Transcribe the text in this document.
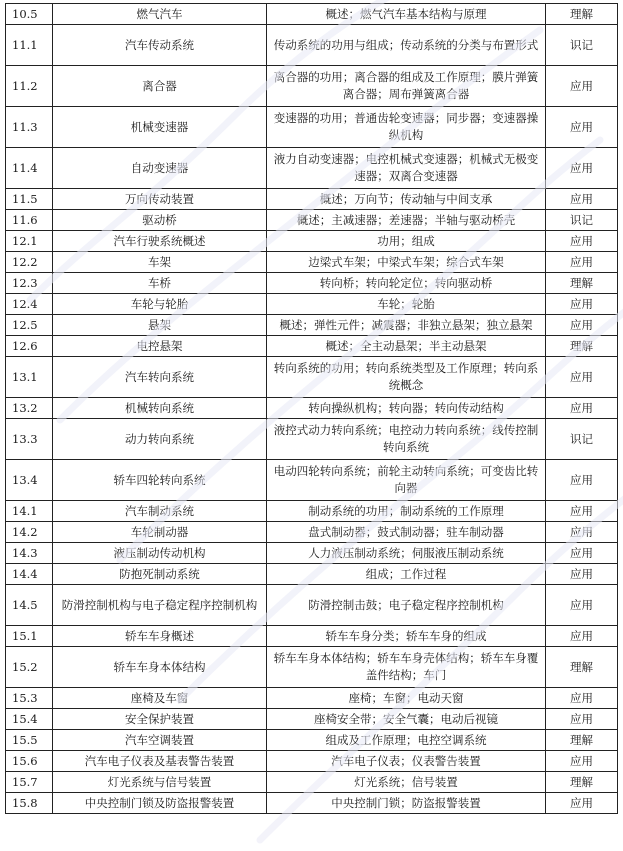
10.5	燃气汽车	概述；燃气汽车基本结构与原理	理解
11.1	汽车传动系统	传动系统的功用与组成；传动系统的分类与布置形式	识记
11.2	离合器	离合器的功用；离合器的组成及工作原理；膜片弹簧离合器；周布弹簧离合器	应用
11.3	机械变速器	变速器的功用；普通齿轮变速器；同步器；变速器操纵机构	应用
11.4	自动变速器	液力自动变速器；电控机械式变速器；机械式无极变速器；双离合变速器	应用
11.5	万向传动装置	概述；万向节；传动轴与中间支承	应用
11.6	驱动桥	概述；主减速器；差速器；半轴与驱动桥壳	识记
12.1	汽车行驶系统概述	功用；组成	应用
12.2	车架	边梁式车架；中梁式车架；综合式车架	应用
12.3	车桥	转向桥；转向轮定位；转向驱动桥	理解
12.4	车轮与轮胎	车轮；轮胎	应用
12.5	悬架	概述；弹性元件；减震器；非独立悬架；独立悬架	应用
12.6	电控悬架	概述；全主动悬架；半主动悬架	理解
13.1	汽车转向系统	转向系统的功用；转向系统类型及工作原理；转向系统概念	应用
13.2	机械转向系统	转向操纵机构；转向器；转向传动结构	应用
13.3	动力转向系统	液控式动力转向系统；电控动力转向系统；线传控制转向系统	识记
13.4	轿车四轮转向系统	电动四轮转向系统；前轮主动转向系统；可变齿比转向器	应用
14.1	汽车制动系统	制动系统的功用；制动系统的工作原理	应用
14.2	车轮制动器	盘式制动器；鼓式制动器；驻车制动器	应用
14.3	液压制动传动机构	人力液压制动系统；伺服液压制动系统	应用
14.4	防抱死制动系统	组成；工作过程	应用
14.5	防滑控制机构与电子稳定程序控制机构	防滑控制击鼓；电子稳定程序控制机构	应用
15.1	轿车车身概述	轿车车身分类；轿车车身的组成	应用
15.2	轿车车身本体结构	轿车车身本体结构；轿车车身壳体结构；轿车车身覆盖件结构；车门	理解
15.3	座椅及车窗	座椅；车窗；电动天窗	应用
15.4	安全保护装置	座椅安全带；安全气囊；电动后视镜	应用
15.5	汽车空调装置	组成及工作原理；电控空调系统	理解
15.6	汽车电子仪表及基表警告装置	汽车电子仪表；仪表警告装置	应用
15.7	灯光系统与信号装置	灯光系统；信号装置	理解
15.8	中央控制门锁及防盗报警装置	中央控制门锁；防盗报警装置	应用
